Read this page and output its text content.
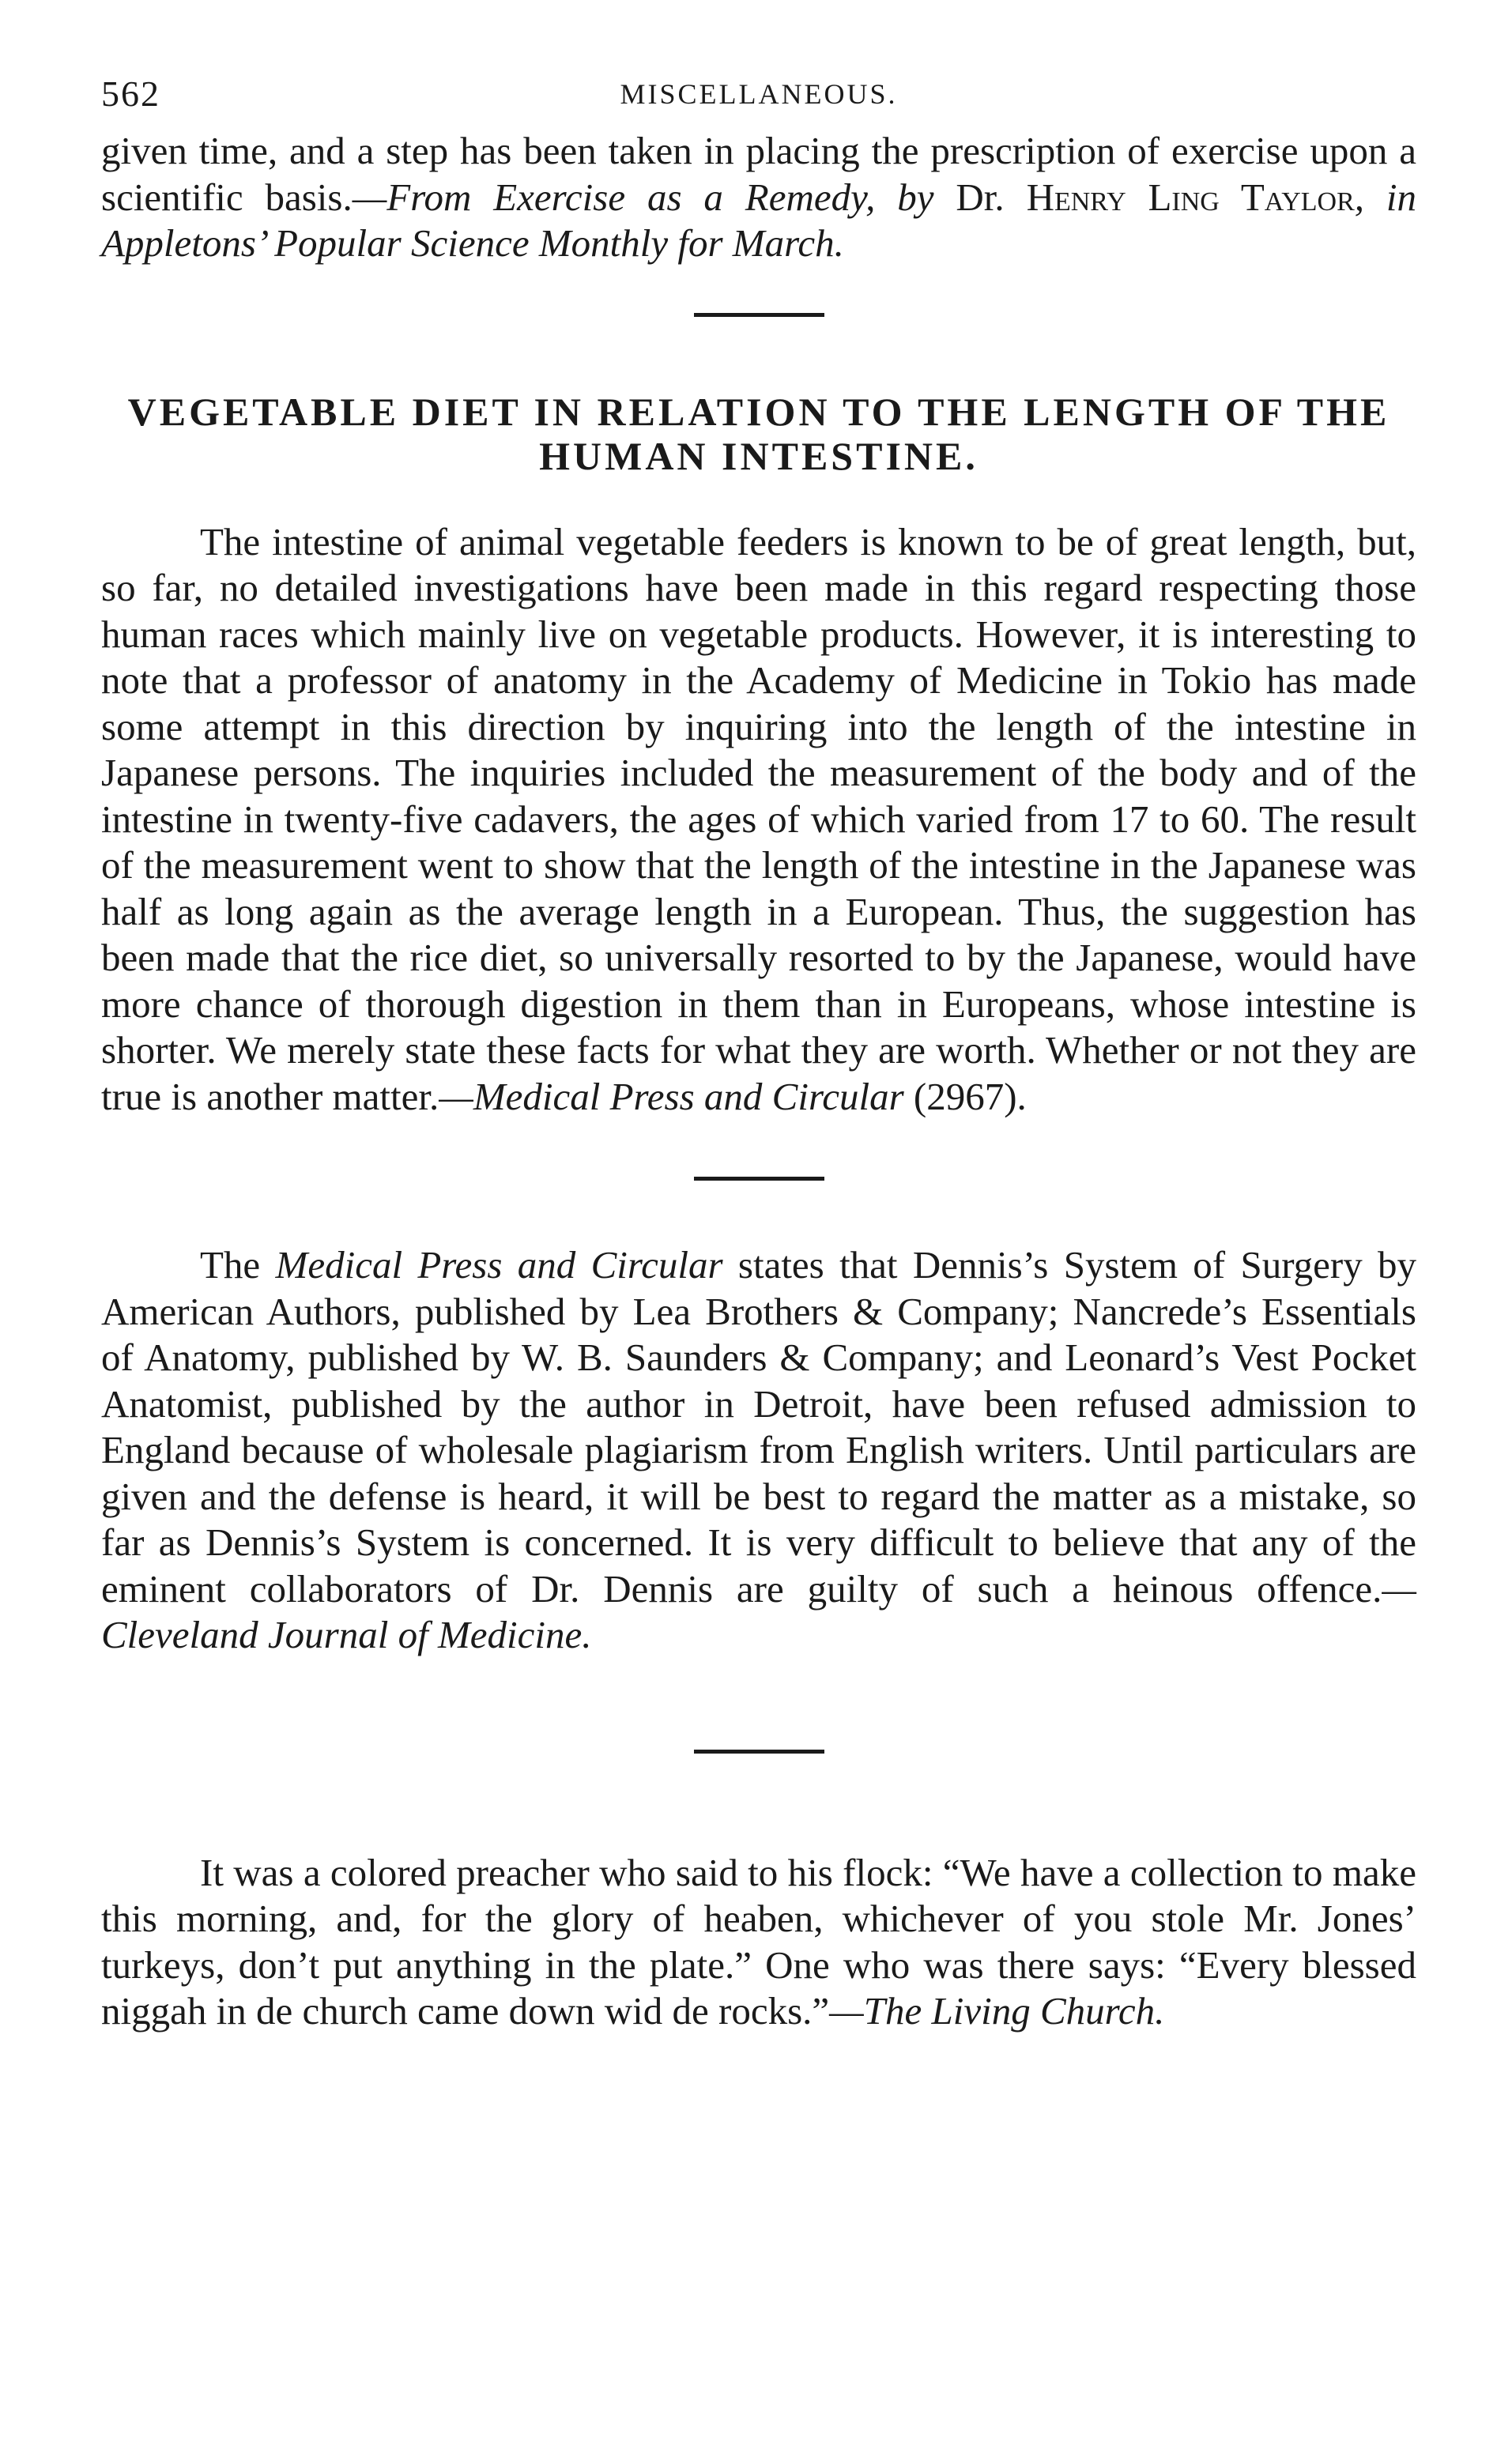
562	MISCELLANEOUS.

given time, and a step has been taken in placing the prescription of exercise upon a scientific basis.—From Exercise as a Remedy, by Dr. Henry Ling Taylor, in Appletons’ Popular Science Monthly for March.

VEGETABLE DIET IN RELATION TO THE LENGTH OF THE HUMAN INTESTINE.

The intestine of animal vegetable feeders is known to be of great length, but, so far, no detailed investigations have been made in this regard respecting those human races which mainly live on vegetable products. However, it is interesting to note that a professor of anatomy in the Academy of Medicine in Tokio has made some attempt in this direction by inquiring into the length of the intestine in Japanese persons. The inquiries included the measurement of the body and of the intestine in twenty-five cadavers, the ages of which varied from 17 to 60. The result of the measurement went to show that the length of the intestine in the Japanese was half as long again as the average length in a European. Thus, the suggestion has been made that the rice diet, so universally resorted to by the Japanese, would have more chance of thorough digestion in them than in Europeans, whose intestine is shorter. We merely state these facts for what they are worth. Whether or not they are true is another matter.—Medical Press and Circular (2967).

The Medical Press and Circular states that Dennis’s System of Surgery by American Authors, published by Lea Brothers & Company; Nancrede’s Essentials of Anatomy, published by W. B. Saunders & Company; and Leonard’s Vest Pocket Anatomist, published by the author in Detroit, have been refused admission to England because of wholesale plagiarism from English writers. Until particulars are given and the defense is heard, it will be best to regard the matter as a mistake, so far as Dennis’s System is concerned. It is very difficult to believe that any of the eminent collaborators of Dr. Dennis are guilty of such a heinous offence.—Cleveland Journal of Medicine.

It was a colored preacher who said to his flock: “We have a collection to make this morning, and, for the glory of heaben, whichever of you stole Mr. Jones’ turkeys, don’t put anything in the plate.” One who was there says: “Every blessed niggah in de church came down wid de rocks.”—The Living Church.
